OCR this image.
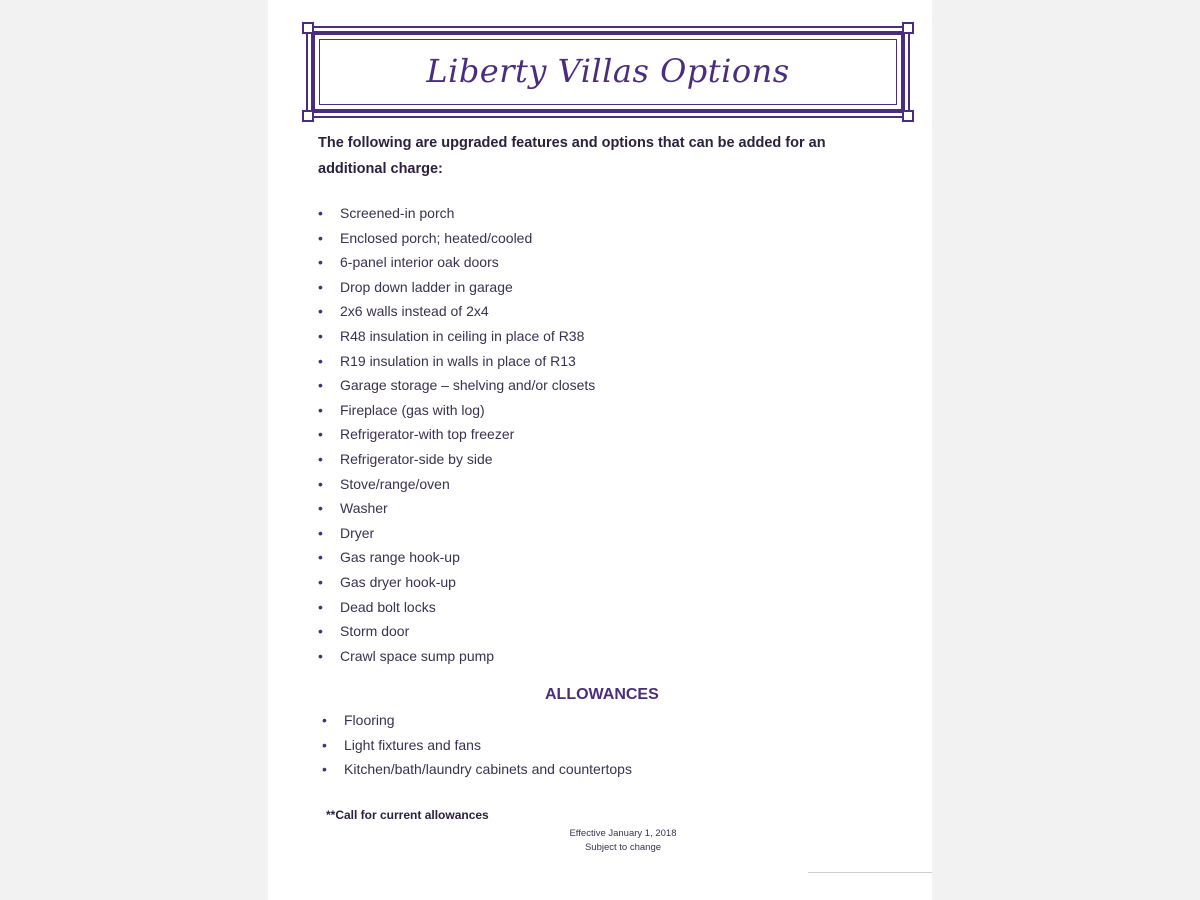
Liberty Villas Options
The following are upgraded features and options that can be added for an additional charge:
• Screened-in porch
• Enclosed porch; heated/cooled
• 6-panel interior oak doors
• Drop down ladder in garage
• 2x6 walls instead of 2x4
• R48 insulation in ceiling in place of R38
• R19 insulation in walls in place of R13
• Garage storage – shelving and/or closets
• Fireplace (gas with log)
• Refrigerator-with top freezer
• Refrigerator-side by side
• Stove/range/oven
• Washer
• Dryer
• Gas range hook-up
• Gas dryer hook-up
• Dead bolt locks
• Storm door
• Crawl space sump pump
ALLOWANCES
• Flooring
• Light fixtures and fans
• Kitchen/bath/laundry cabinets and countertops
**Call for current allowances
Effective January 1, 2018
Subject to change
